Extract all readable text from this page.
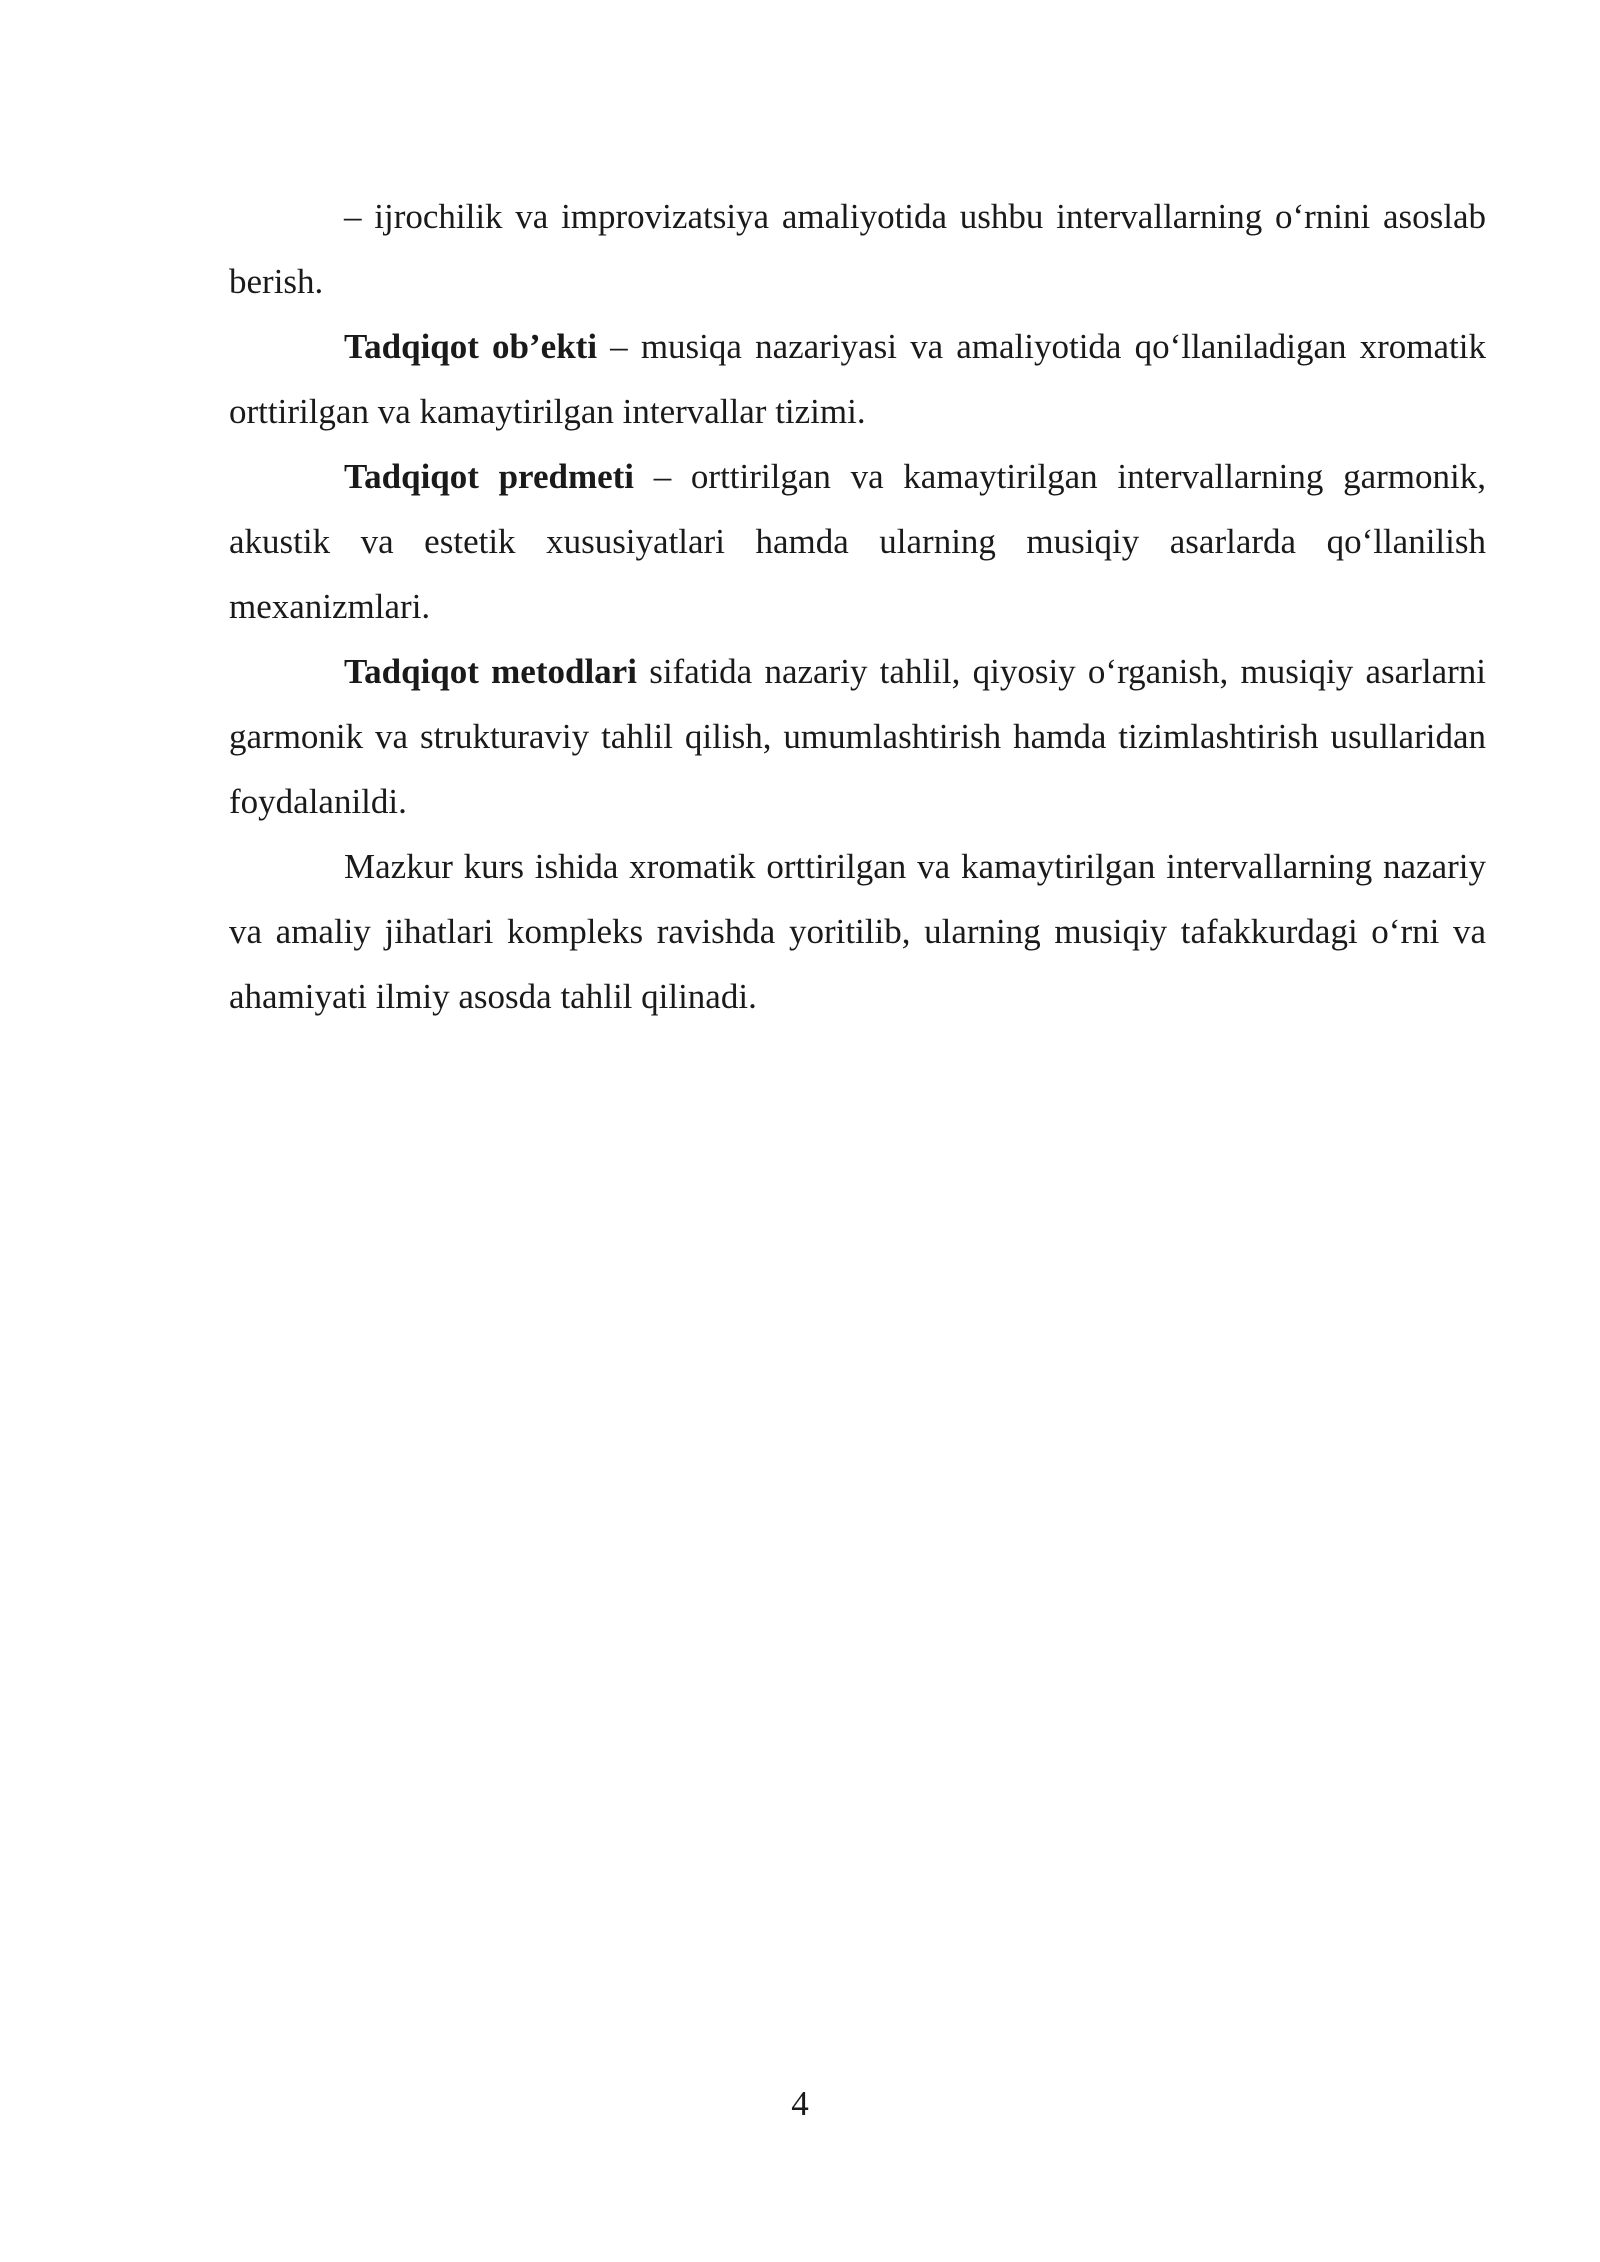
– ijrochilik va improvizatsiya amaliyotida ushbu intervallarning oʻrnini asoslab berish.

Tadqiqot ob’ekti – musiqa nazariyasi va amaliyotida qoʻllaniladigan xromatik orttirilgan va kamaytirilgan intervallar tizimi.

Tadqiqot predmeti – orttirilgan va kamaytirilgan intervallarning garmonik, akustik va estetik xususiyatlari hamda ularning musiqiy asarlarda qoʻllanilish mexanizmlari.

Tadqiqot metodlari sifatida nazariy tahlil, qiyosiy oʻrganish, musiqiy asarlarni garmonik va strukturaviy tahlil qilish, umumlashtirish hamda tizimlashtirish usullaridan foydalanildi.

Mazkur kurs ishida xromatik orttirilgan va kamaytirilgan intervallarning nazariy va amaliy jihatlari kompleks ravishda yoritilib, ularning musiqiy tafakkurdagi oʻrni va ahamiyati ilmiy asosda tahlil qilinadi.

4
